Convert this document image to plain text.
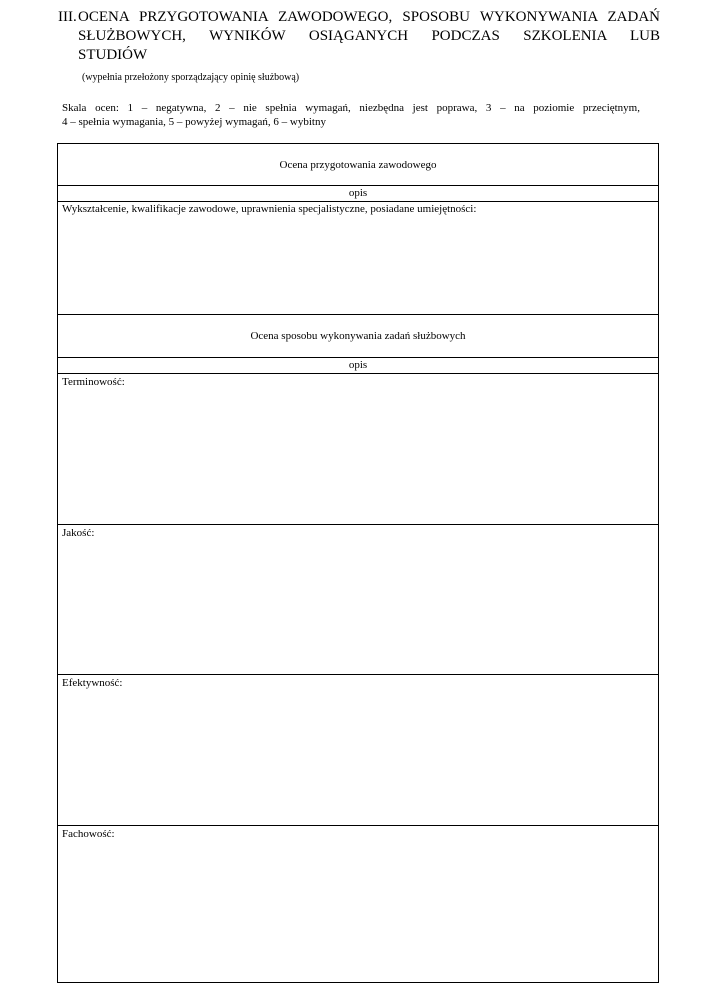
III. OCENA PRZYGOTOWANIA ZAWODOWEGO, SPOSOBU WYKONYWANIA ZADAŃ
SŁUŻBOWYCH, WYNIKÓW OSIĄGANYCH PODCZAS SZKOLENIA LUB
STUDIÓW
(wypełnia przełożony sporządzający opinię służbową)
Skala ocen: 1 – negatywna, 2 – nie spełnia wymagań, niezbędna jest poprawa, 3 – na poziomie przeciętnym,
4 – spełnia wymagania, 5 – powyżej wymagań, 6 – wybitny
Ocena przygotowania zawodowego
opis
Wykształcenie, kwalifikacje zawodowe, uprawnienia specjalistyczne, posiadane umiejętności:
Ocena sposobu wykonywania zadań służbowych
opis
Terminowość:
Jakość:
Efektywność:
Fachowość:
